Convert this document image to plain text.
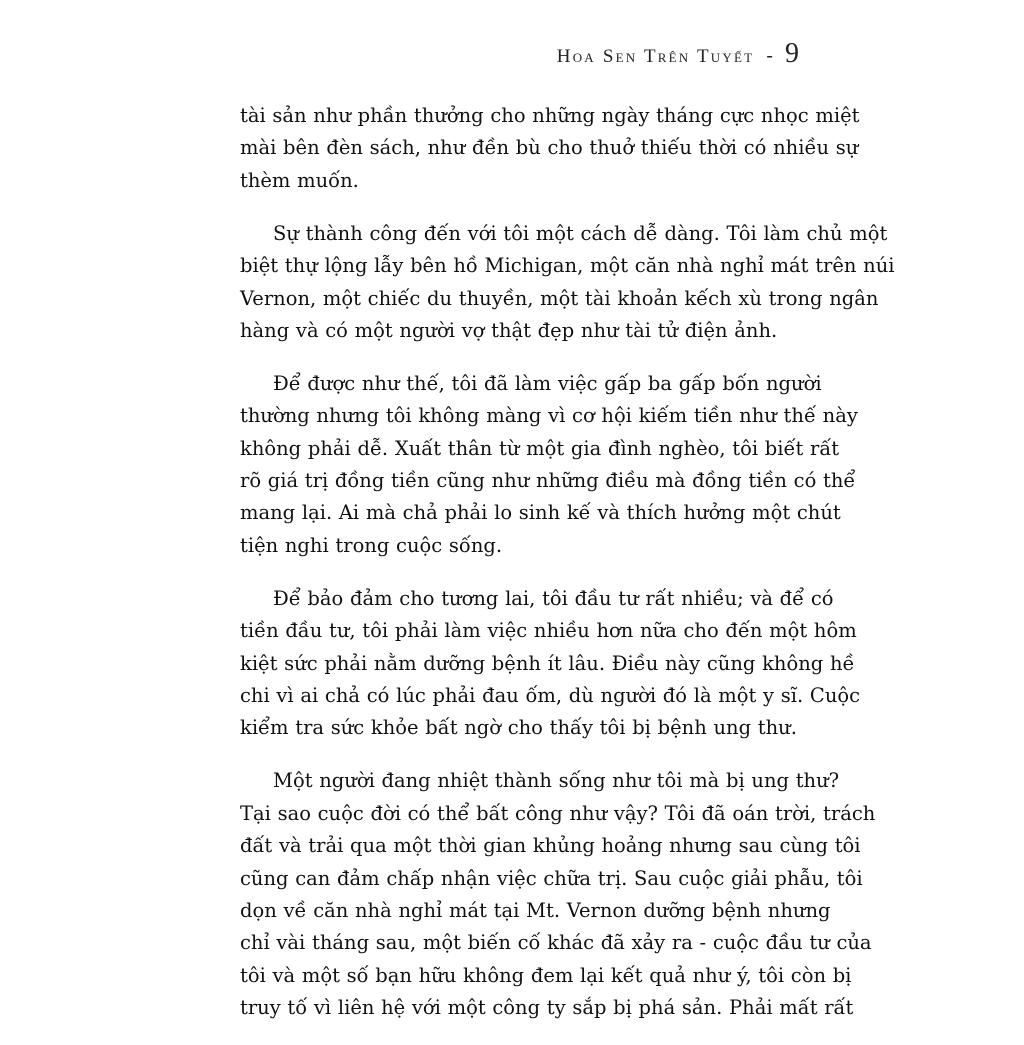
Hoa Sen Trên Tuyết - 9

tài sản như phần thưởng cho những ngày tháng cực nhọc miệt
mài bên đèn sách, như đền bù cho thuở thiếu thời có nhiều sự
thèm muốn.

Sự thành công đến với tôi một cách dễ dàng. Tôi làm chủ một
biệt thự lộng lẫy bên hồ Michigan, một căn nhà nghỉ mát trên núi
Vernon, một chiếc du thuyền, một tài khoản kếch xù trong ngân
hàng và có một người vợ thật đẹp như tài tử điện ảnh.

Để được như thế, tôi đã làm việc gấp ba gấp bốn người
thường nhưng tôi không màng vì cơ hội kiếm tiền như thế này
không phải dễ. Xuất thân từ một gia đình nghèo, tôi biết rất
rõ giá trị đồng tiền cũng như những điều mà đồng tiền có thể
mang lại. Ai mà chả phải lo sinh kế và thích hưởng một chút
tiện nghi trong cuộc sống.

Để bảo đảm cho tương lai, tôi đầu tư rất nhiều; và để có
tiền đầu tư, tôi phải làm việc nhiều hơn nữa cho đến một hôm
kiệt sức phải nằm dưỡng bệnh ít lâu. Điều này cũng không hề
chi vì ai chả có lúc phải đau ốm, dù người đó là một y sĩ. Cuộc
kiểm tra sức khỏe bất ngờ cho thấy tôi bị bệnh ung thư.

Một người đang nhiệt thành sống như tôi mà bị ung thư?
Tại sao cuộc đời có thể bất công như vậy? Tôi đã oán trời, trách
đất và trải qua một thời gian khủng hoảng nhưng sau cùng tôi
cũng can đảm chấp nhận việc chữa trị. Sau cuộc giải phẫu, tôi
dọn về căn nhà nghỉ mát tại Mt. Vernon dưỡng bệnh nhưng
chỉ vài tháng sau, một biến cố khác đã xảy ra - cuộc đầu tư của
tôi và một số bạn hữu không đem lại kết quả như ý, tôi còn bị
truy tố vì liên hệ với một công ty sắp bị phá sản. Phải mất rất
